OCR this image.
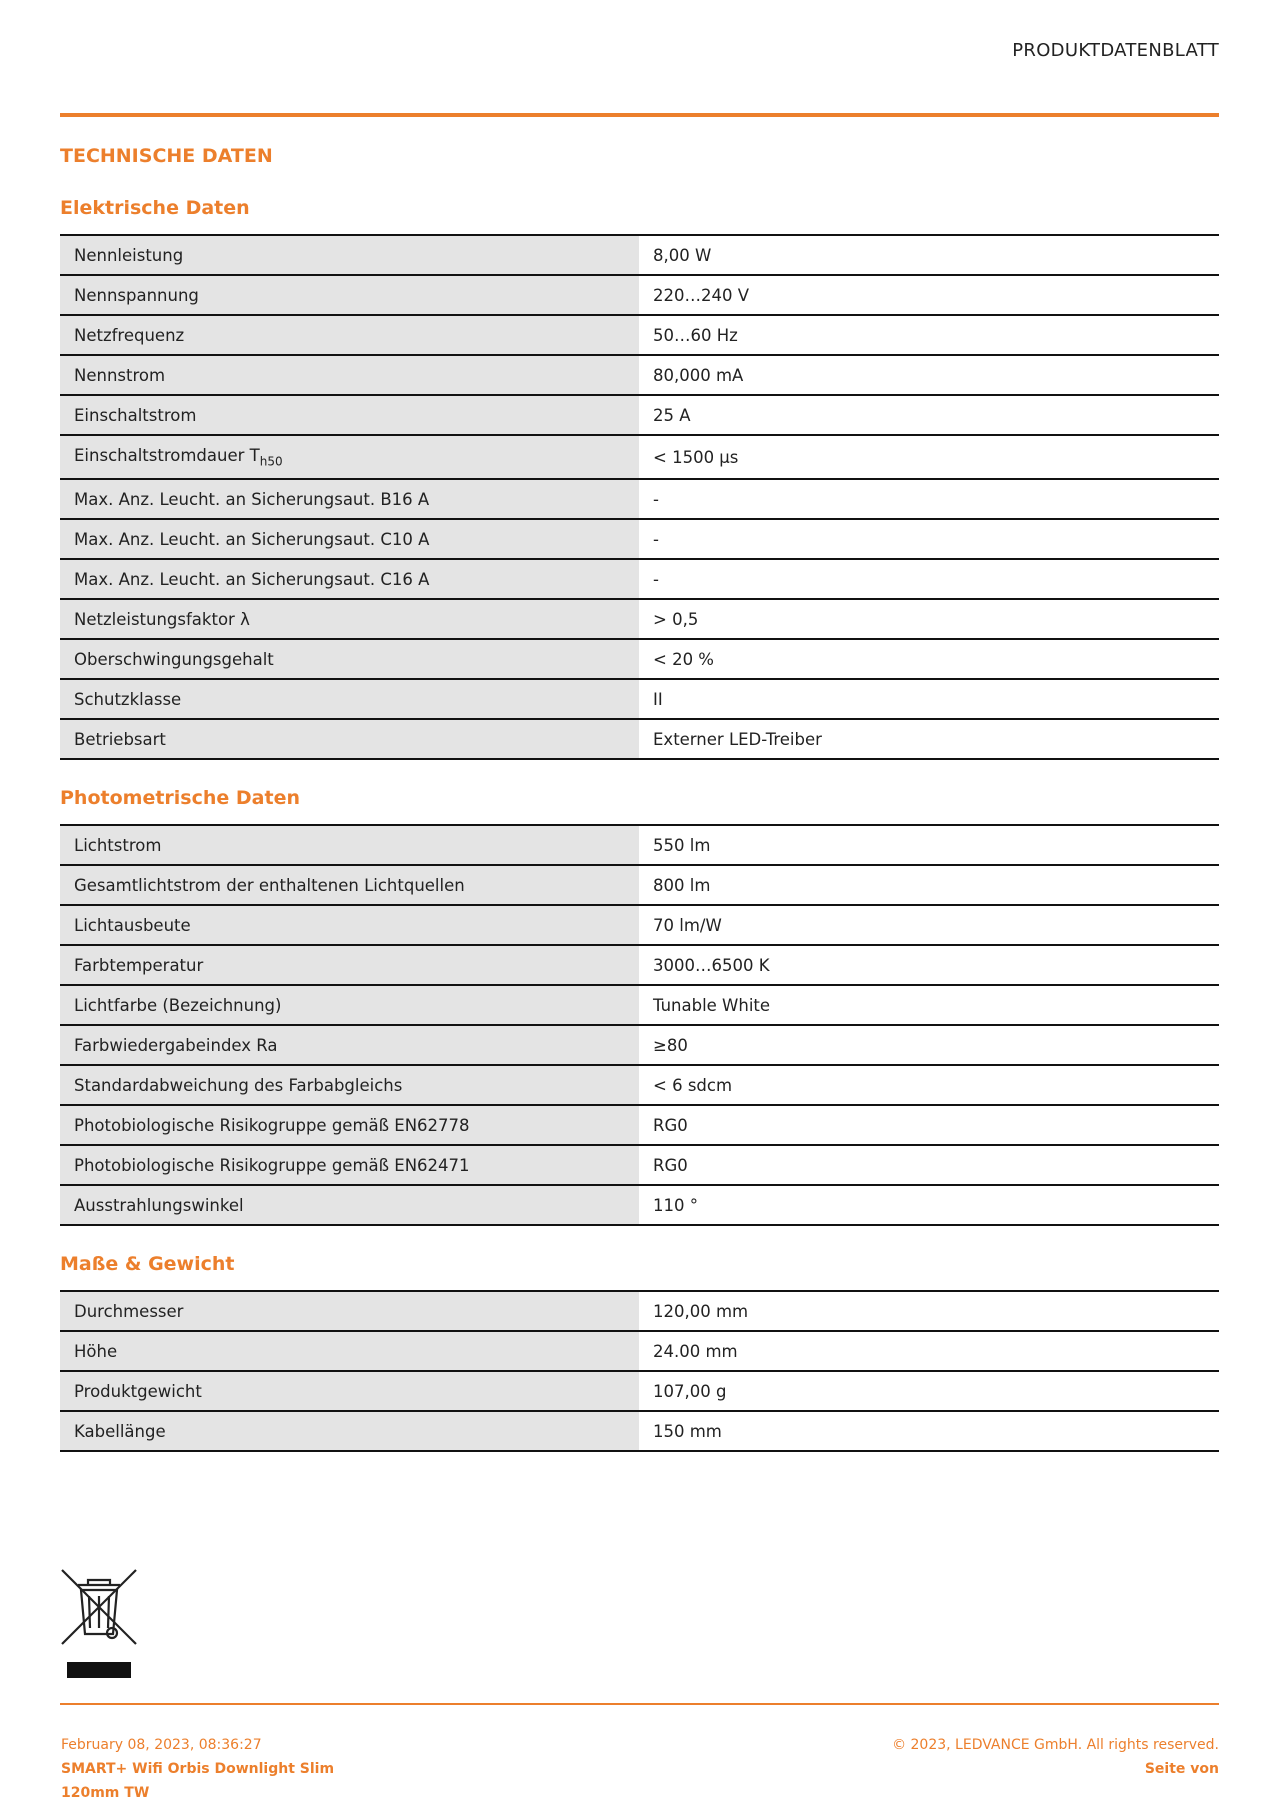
PRODUKTDATENBLATT
TECHNISCHE DATEN
Elektrische Daten
Nennleistung	8,00 W
Nennspannung	220…240 V
Netzfrequenz	50…60 Hz
Nennstrom	80,000 mA
Einschaltstrom	25 A
Einschaltstromdauer $T_{h50}$	< 1500 µs
Max. Anz. Leucht. an Sicherungsaut. B16 A	-
Max. Anz. Leucht. an Sicherungsaut. C10 A	-
Max. Anz. Leucht. an Sicherungsaut. C16 A	-
Netzleistungsfaktor λ	> 0,5
Oberschwingungsgehalt	< 20 %
Schutzklasse	II
Betriebsart	Externer LED-Treiber
Photometrische Daten
Lichtstrom	550 lm
Gesamtlichtstrom der enthaltenen Lichtquellen	800 lm
Lichtausbeute	70 lm/W
Farbtemperatur	3000…6500 K
Lichtfarbe (Bezeichnung)	Tunable White
Farbwiedergabeindex Ra	≥80
Standardabweichung des Farbabgleichs	< 6 sdcm
Photobiologische Risikogruppe gemäß EN62778	RG0
Photobiologische Risikogruppe gemäß EN62471	RG0
Ausstrahlungswinkel	110 °
Maße & Gewicht
Durchmesser	120,00 mm
Höhe	24.00 mm
Produktgewicht	107,00 g
Kabellänge	150 mm
February 08, 2023, 08:36:27
SMART+ Wifi Orbis Downlight Slim 120mm TW
© 2023, LEDVANCE GmbH. All rights reserved.
Seite von
